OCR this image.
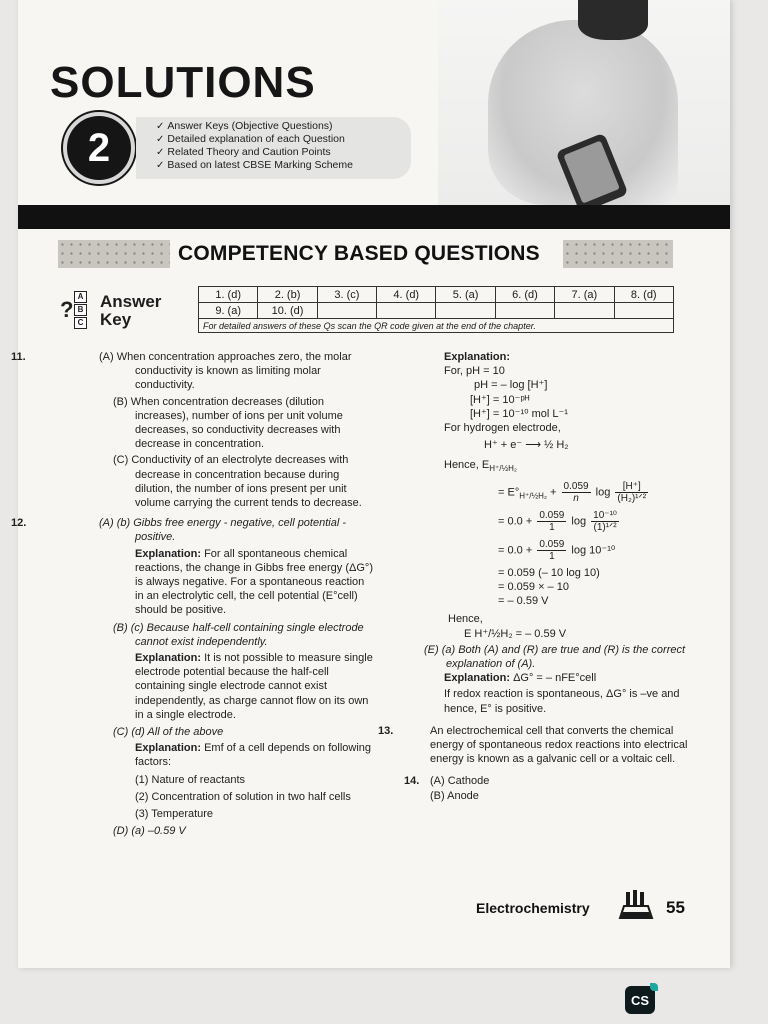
SOLUTIONS
2	✓ Answer Keys (Objective Questions)
✓ Detailed explanation of each Question
✓ Related Theory and Caution Points
✓ Based on latest CBSE Marking Scheme
COMPETENCY BASED QUESTIONS
?
A
B
C
Answer
Key
1. (d)	2. (b)	3. (c)	4. (d)	5. (a)	6. (d)	7. (a)	8. (d)
9. (a)	10. (d)						
For detailed answers of these Qs scan the QR code given at the end of the chapter.							
11.	(A) When concentration approaches zero, the molar conductivity is known as limiting molar conductivity.
(B) When concentration decreases (dilution increases), number of ions per unit volume decreases, so conductivity decreases with decrease in concentration.
(C) Conductivity of an electrolyte decreases with decrease in concentration because during dilution, the number of ions present per unit volume carrying the current tends to decrease.
12.	(A) (b) Gibbs free energy - negative, cell potential - positive.
Explanation: For all spontaneous chemical reactions, the change in Gibbs free energy (ΔG°) is always negative. For a spontaneous reaction in an electrolytic cell, the cell potential (E°cell) should be positive.
(B) (c) Because half-cell containing single electrode cannot exist independently.
Explanation: It is not possible to measure single electrode potential because the half-cell containing single electrode cannot exist independently, as charge cannot flow on its own in a single electrode.
(C) (d) All of the above
Explanation: Emf of a cell depends on following factors:
(1) Nature of reactants
(2) Concentration of solution in two half cells
(3) Temperature
(D) (a) –0.59 V
Explanation:
For, pH = 10
pH = – log [H⁺]
[H⁺] = 10⁻ᵖᴴ
[H⁺] = 10⁻¹⁰ mol L⁻¹
For hydrogen electrode,
H⁺ + e⁻ ⟶ ½ H₂
Hence, $E_{H^+/\frac{1}{2}H_2}$
= $E^\circ_{H^+/\frac{1}{2}H_2} + \frac{0.059}{n}$ $\log \frac{[H^+]}{\text{(H₂)¹ᐟ²}}$
= $0.0 + \frac{0.059}{1}$ $\log \frac{\text{10⁻¹⁰}}{\text{(1)¹ᐟ²}}$
= $0.0 + \frac{0.059}{1}$ log 10⁻¹⁰
= 0.059 (– 10 log 10)
= 0.059 × – 10
= – 0.59 V
Hence,
E H⁺/½H₂ = – 0.59 V
(E) (a) Both (A) and (R) are true and (R) is the correct explanation of (A).
Explanation: ΔG° = – nFE°cell
If redox reaction is spontaneous, ΔG° is –ve and hence, E° is positive.
13.	An electrochemical cell that converts the chemical energy of spontaneous redox reactions into electrical energy is known as a galvanic cell or a voltaic cell.
14. (A) Cathode
(B) Anode
Electrochemistry	55
CS
